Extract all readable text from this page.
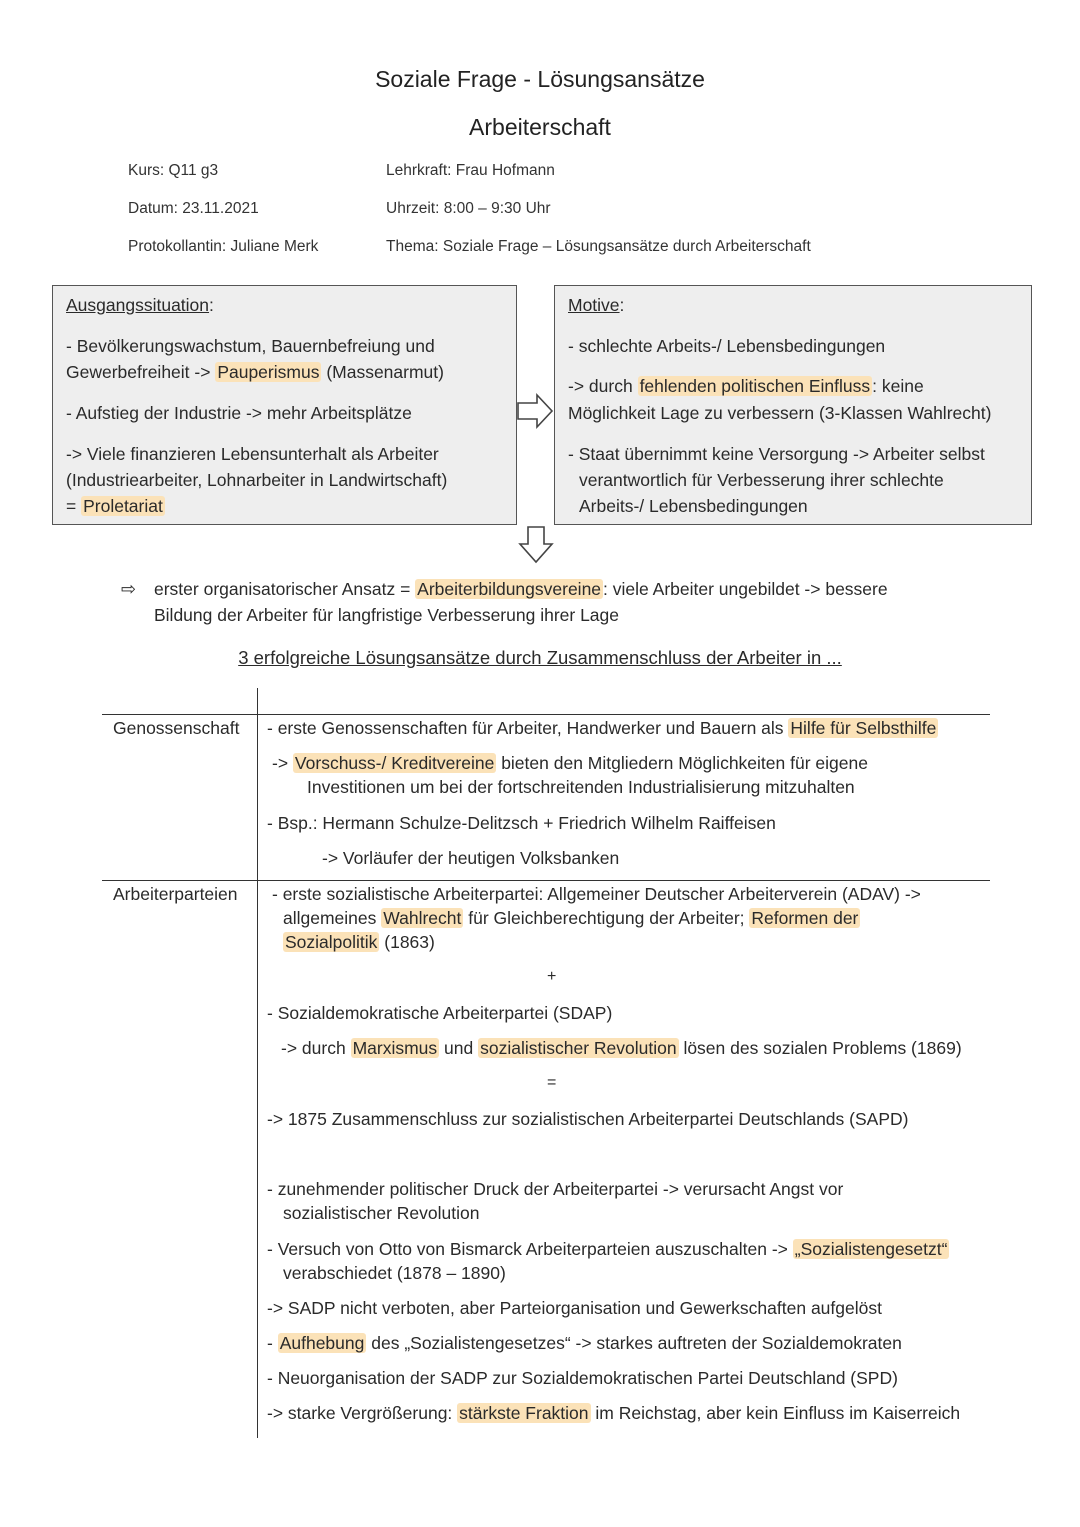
Soziale Frage - Lösungsansätze
Arbeiterschaft
Kurs: Q11 g3
Datum: 23.11.2021
Protokollantin: Juliane Merk
Lehrkraft: Frau Hofmann
Uhrzeit: 8:00 – 9:30 Uhr
Thema: Soziale Frage – Lösungsansätze durch Arbeiterschaft
Ausgangssituation:
- Bevölkerungswachstum, Bauernbefreiung und
Gewerbefreiheit -> Pauperismus (Massenarmut)
- Aufstieg der Industrie -> mehr Arbeitsplätze
-> Viele finanzieren Lebensunterhalt als Arbeiter
(Industriearbeiter, Lohnarbeiter in Landwirtschaft)
= Proletariat
Motive:
- schlechte Arbeits-/ Lebensbedingungen
-> durch fehlenden politischen Einfluss : keine
Möglichkeit Lage zu verbessern (3-Klassen Wahlrecht)
- Staat übernimmt keine Versorgung -> Arbeiter selbst
verantwortlich für Verbesserung ihrer schlechte
Arbeits-/ Lebensbedingungen
⇨ erster organisatorischer Ansatz = Arbeiterbildungsvereine : viele Arbeiter ungebildet -> bessere
Bildung der Arbeiter für langfristige Verbesserung ihrer Lage
3 erfolgreiche Lösungsansätze durch Zusammenschluss der Arbeiter in ...
Genossenschaft - erste Genossenschaften für Arbeiter, Handwerker und Bauern als Hilfe für Selbsthilfe
-> Vorschuss-/ Kreditvereine bieten den Mitgliedern Möglichkeiten für eigene
Investitionen um bei der fortschreitenden Industrialisierung mitzuhalten
- Bsp.: Hermann Schulze-Delitzsch + Friedrich Wilhelm Raiffeisen
-> Vorläufer der heutigen Volksbanken
Arbeiterparteien - erste sozialistische Arbeiterpartei: Allgemeiner Deutscher Arbeiterverein (ADAV) ->
allgemeines Wahlrecht für Gleichberechtigung der Arbeiter; Reformen der
Sozialpolitik (1863)
+
- Sozialdemokratische Arbeiterpartei (SDAP)
-> durch Marxismus und sozialistischer Revolution lösen des sozialen Problems (1869)
=
-> 1875 Zusammenschluss zur sozialistischen Arbeiterpartei Deutschlands (SAPD)
- zunehmender politischer Druck der Arbeiterpartei -> verursacht Angst vor
sozialistischer Revolution
- Versuch von Otto von Bismarck Arbeiterparteien auszuschalten -> „Sozialistengesetzt“
verabschiedet (1878 – 1890)
-> SADP nicht verboten, aber Parteiorganisation und Gewerkschaften aufgelöst
- Aufhebung des „Sozialistengesetzes“ -> starkes auftreten der Sozialdemokraten
- Neuorganisation der SADP zur Sozialdemokratischen Partei Deutschland (SPD)
-> starke Vergrößerung: stärkste Fraktion im Reichstag, aber kein Einfluss im Kaiserreich
